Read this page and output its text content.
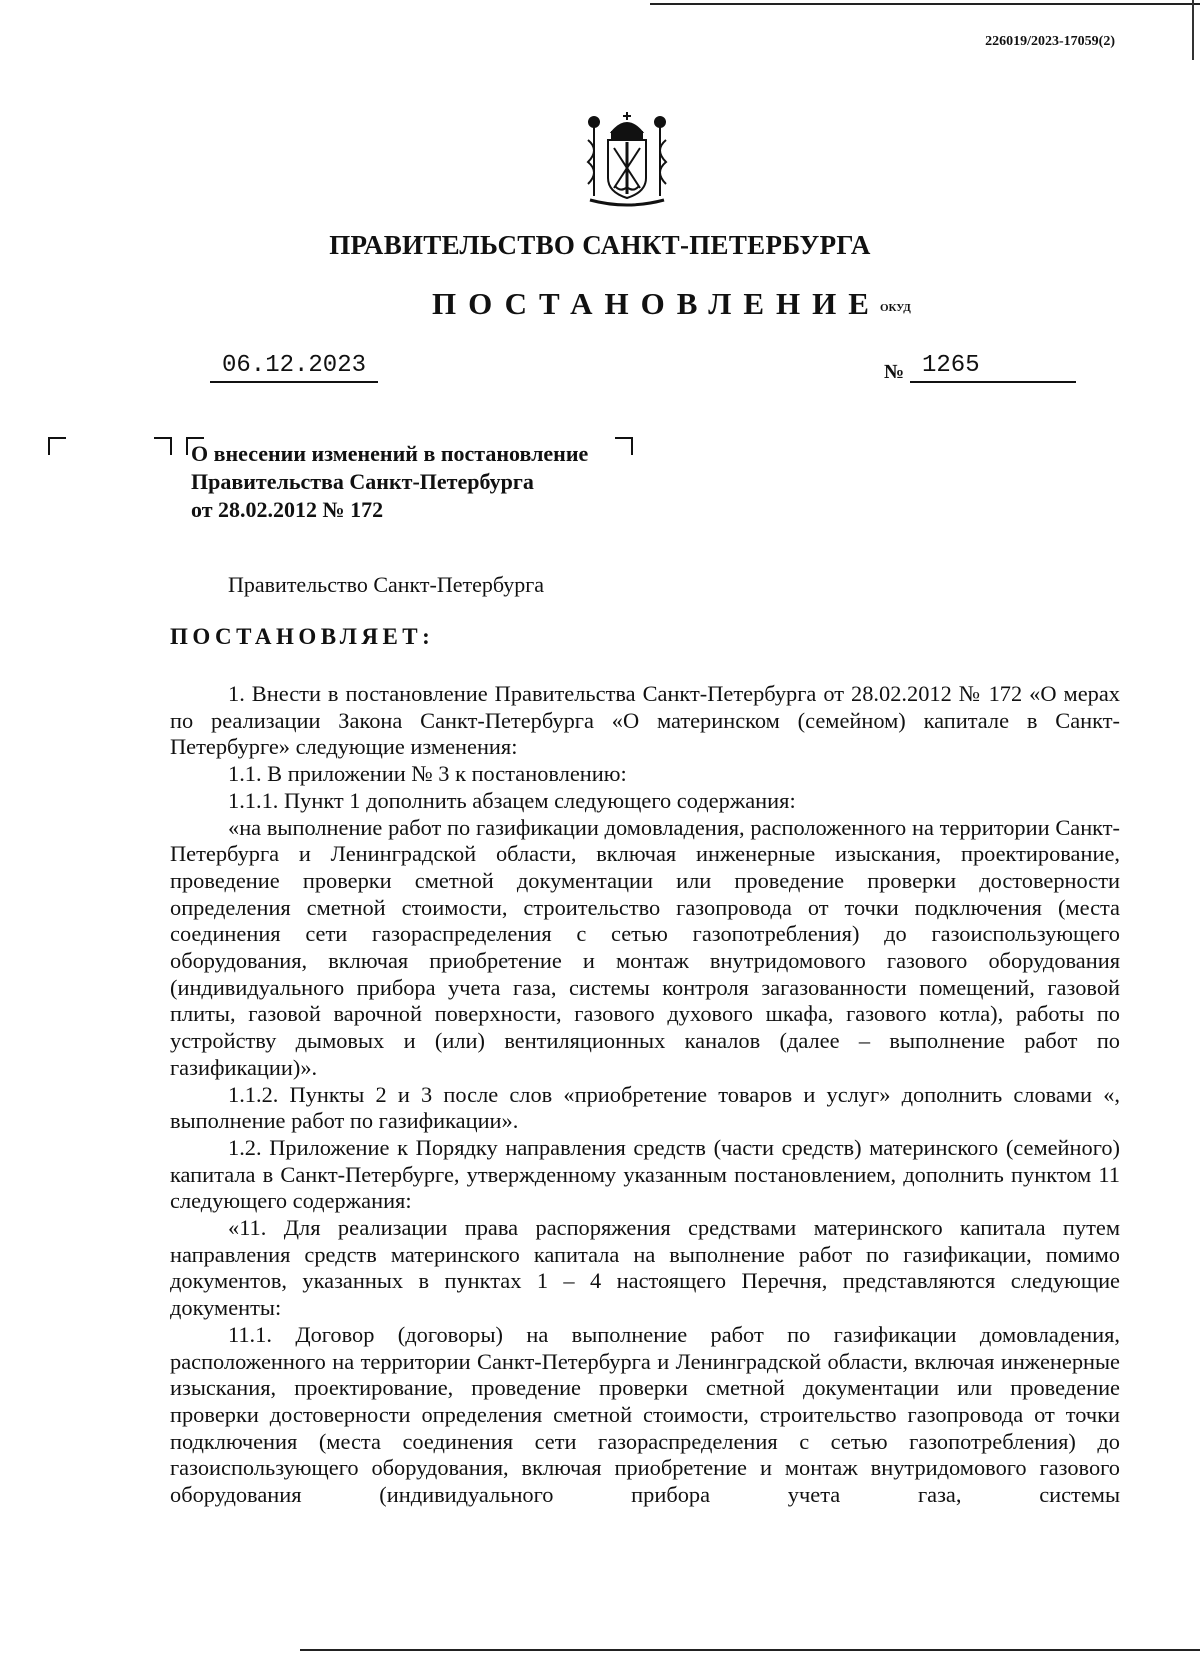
226019/2023-17059(2)
ПРАВИТЕЛЬСТВО САНКТ-ПЕТЕРБУРГА
ПОСТАНОВЛЕНИЕ ОКУД
06.12.2023	№ 1265
О внесении изменений в постановление
Правительства Санкт-Петербурга
от 28.02.2012 № 172
Правительство Санкт-Петербурга
ПОСТАНОВЛЯЕТ:

1. Внести в постановление Правительства Санкт-Петербурга от 28.02.2012 № 172 «О мерах по реализации Закона Санкт-Петербурга «О материнском (семейном) капитале в Санкт-Петербурге» следующие изменения:

1.1. В приложении № 3 к постановлению:

1.1.1. Пункт 1 дополнить абзацем следующего содержания:

«на выполнение работ по газификации домовладения, расположенного на территории Санкт-Петербурга и Ленинградской области, включая инженерные изыскания, проектирование, проведение проверки сметной документации или проведение проверки достоверности определения сметной стоимости, строительство газопровода от точки подключения (места соединения сети газораспределения с сетью газопотребления) до газоиспользующего оборудования, включая приобретение и монтаж внутридомового газового оборудования (индивидуального прибора учета газа, системы контроля загазованности помещений, газовой плиты, газовой варочной поверхности, газового духового шкафа, газового котла), работы по устройству дымовых и (или) вентиляционных каналов (далее – выполнение работ по газификации)».

1.1.2. Пункты 2 и 3 после слов «приобретение товаров и услуг» дополнить словами «, выполнение работ по газификации».

1.2. Приложение к Порядку направления средств (части средств) материнского (семейного) капитала в Санкт-Петербурге, утвержденному указанным постановлением, дополнить пунктом 11 следующего содержания:

«11. Для реализации права распоряжения средствами материнского капитала путем направления средств материнского капитала на выполнение работ по газификации, помимо документов, указанных в пунктах 1 – 4 настоящего Перечня, представляются следующие документы:

11.1. Договор (договоры) на выполнение работ по газификации домовладения, расположенного на территории Санкт-Петербурга и Ленинградской области, включая инженерные изыскания, проектирование, проведение проверки сметной документации или проведение проверки достоверности определения сметной стоимости, строительство газопровода от точки подключения (места соединения сети газораспределения с сетью газопотребления) до газоиспользующего оборудования, включая приобретение и монтаж внутридомового газового оборудования (индивидуального прибора учета газа, системы
